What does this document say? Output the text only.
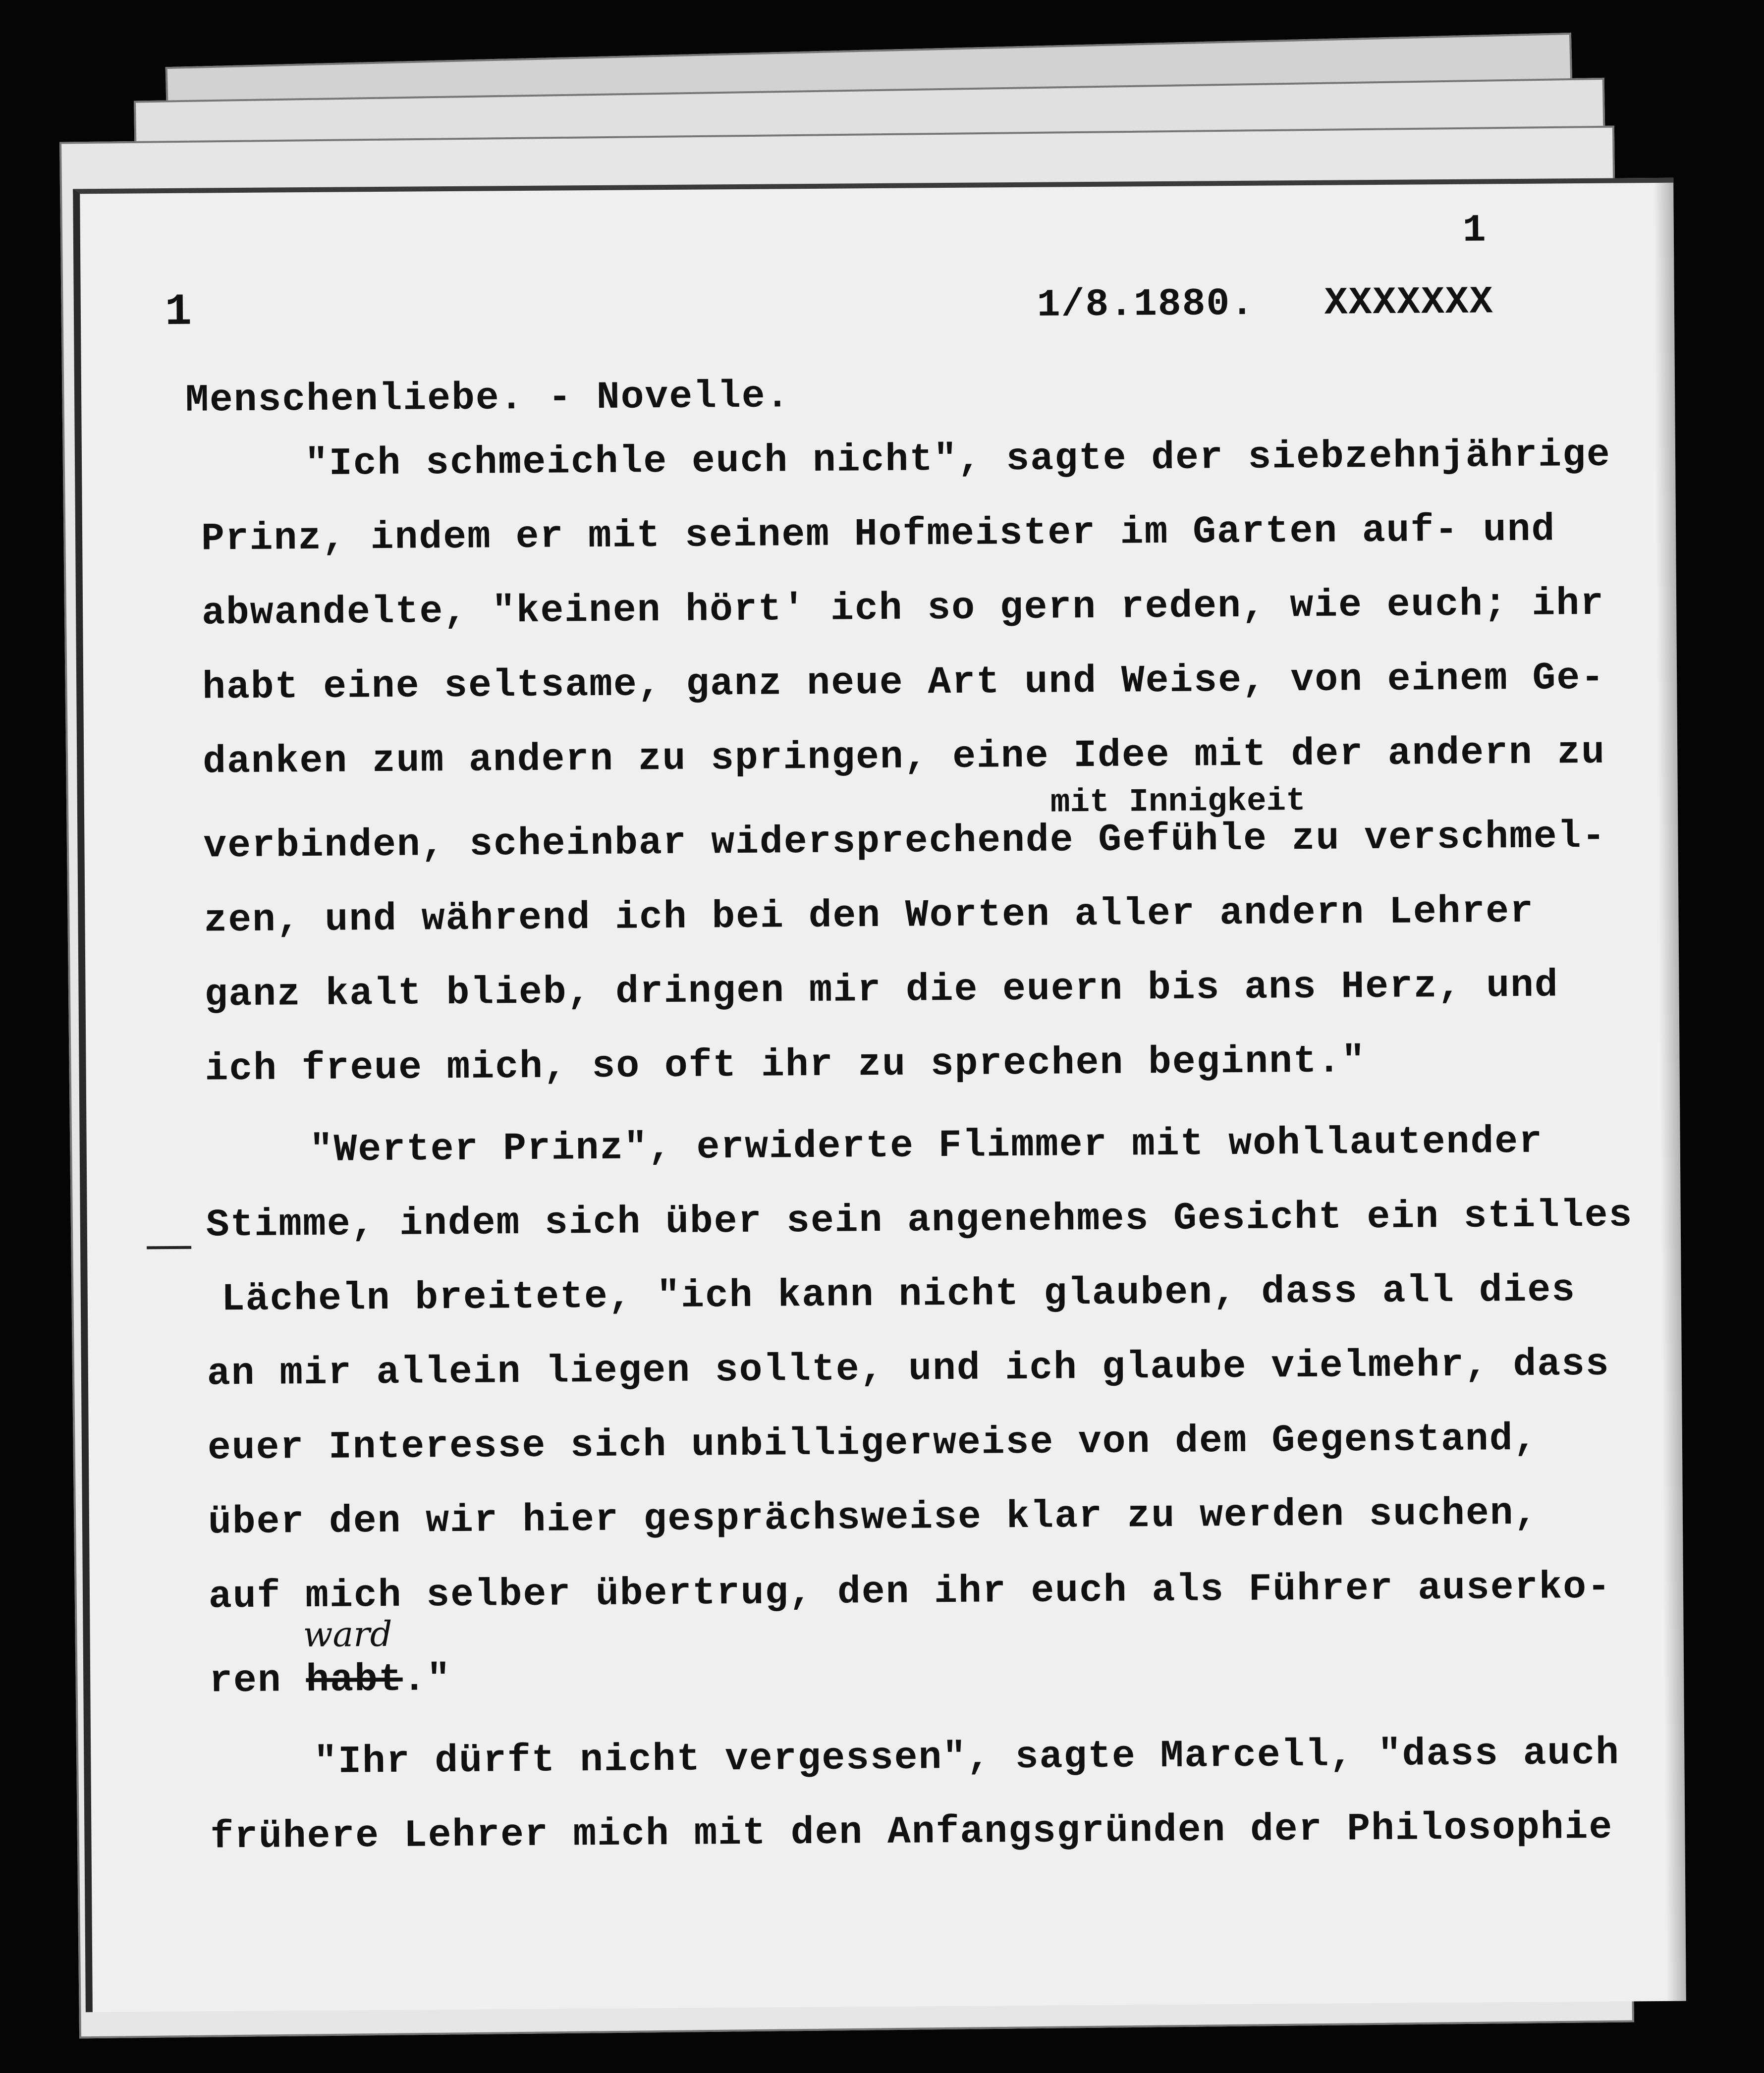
1
1	1/8.1880. XXXXXXX
Menschenliebe. - Novelle.
"Ich schmeichle euch nicht", sagte der siebzehnjährige
Prinz, indem er mit seinem Hofmeister im Garten auf- und
abwandelte, "keinen hört' ich so gern reden, wie euch; ihr
habt eine seltsame, ganz neue Art und Weise, von einem Ge-
danken zum andern zu springen, eine Idee mit der andern zu
mit Innigkeit
verbinden, scheinbar widersprechende Gefühle zu verschmel-
zen, und während ich bei den Worten aller andern Lehrer
ganz kalt blieb, dringen mir die euern bis ans Herz, und
ich freue mich, so oft ihr zu sprechen beginnt."
"Werter Prinz", erwiderte Flimmer mit wohllautender
Stimme, indem sich über sein angenehmes Gesicht ein stilles
Lächeln breitete, "ich kann nicht glauben, dass all dies
an mir allein liegen sollte, und ich glaube vielmehr, dass
euer Interesse sich unbilligerweise von dem Gegenstand,
über den wir hier gesprächsweise klar zu werden suchen,
auf mich selber übertrug, den ihr euch als Führer auserko-
ward
ren habt."
"Ihr dürft nicht vergessen", sagte Marcell, "dass auch
frühere Lehrer mich mit den Anfangsgründen der Philosophie
